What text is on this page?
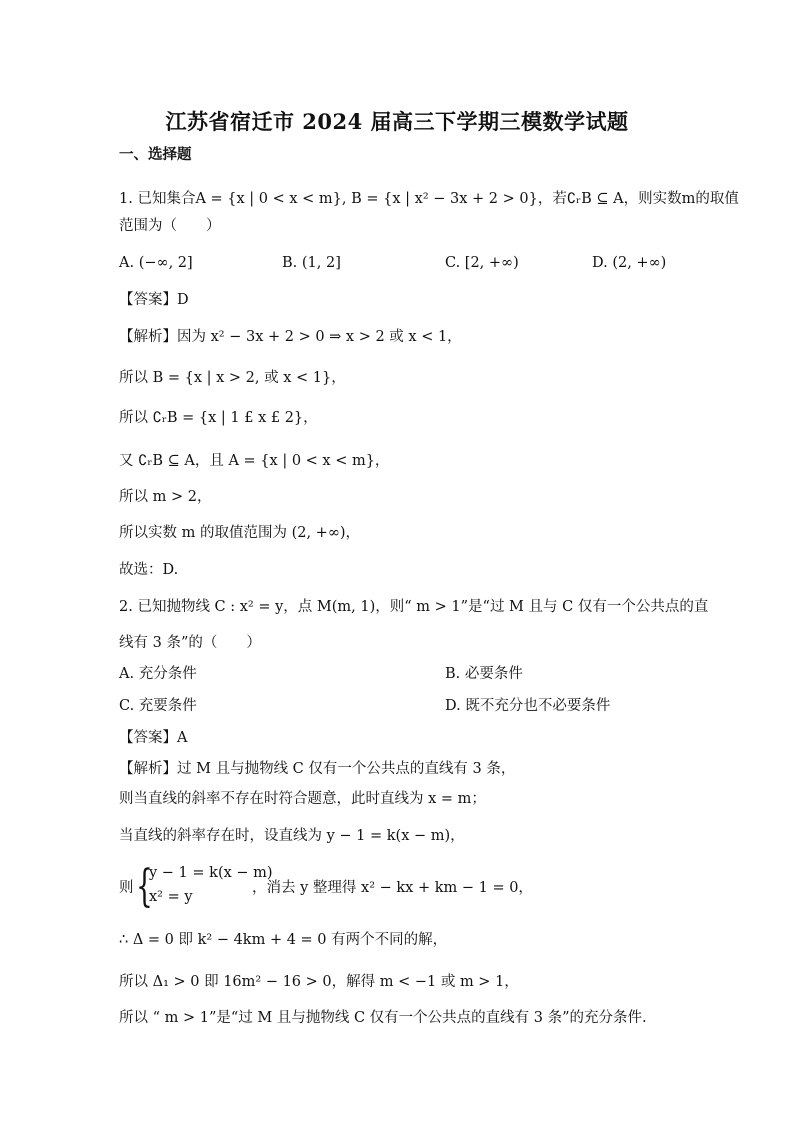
江苏省宿迁市 2024 届高三下学期三模数学试题
一、选择题
1. 已知集合A = {x | 0 < x < m}, B = {x | x² − 3x + 2 > 0}，若∁ᵣB ⊆ A，则实数m的取值
范围为（　　）
A. (−∞, 2]	B. (1, 2]	C. [2, +∞)	D. (2, +∞)
【答案】D
【解析】因为 x² − 3x + 2 > 0 ⇒ x > 2 或 x < 1，
所以 B = {x | x > 2, 或 x < 1}，
所以 ∁ᵣB = {x | 1 £ x £ 2}，
又 ∁ᵣB ⊆ A，且 A = {x | 0 < x < m}，
所以 m > 2，
所以实数 m 的取值范围为 (2, +∞)，
故选：D.
2. 已知抛物线 C : x² = y，点 M(m, 1)，则“ m > 1”是“过 M 且与 C 仅有一个公共点的直
线有 3 条”的（　　）
A. 充分条件	B. 必要条件
C. 充要条件	D. 既不充分也不必要条件
【答案】A
【解析】过 M 且与抛物线 C 仅有一个公共点的直线有 3 条，
则当直线的斜率不存在时符合题意，此时直线为 x = m；
当直线的斜率存在时，设直线为 y − 1 = k(x − m)，
则 {
y − 1 = k(x − m)
x² = y
，消去 y 整理得 x² − kx + km − 1 = 0，
∴ Δ = 0 即 k² − 4km + 4 = 0 有两个不同的解，
所以 Δ₁ > 0 即 16m² − 16 > 0，解得 m < −1 或 m > 1，
所以 “ m > 1”是“过 M 且与抛物线 C 仅有一个公共点的直线有 3 条”的充分条件.
